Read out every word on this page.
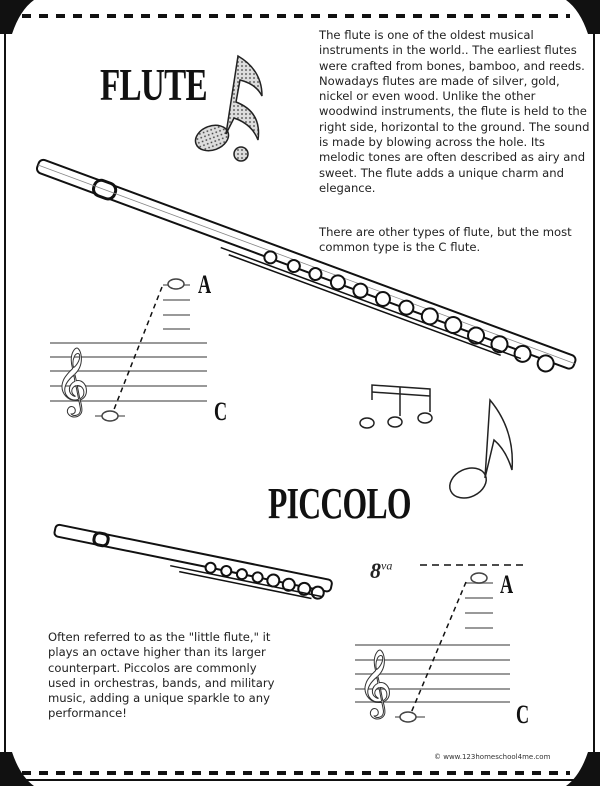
𝄞
𝄞
FLUTE
The flute is one of the oldest musical instruments in the world.. The earliest flutes were crafted from bones, bamboo, and reeds. Nowadays flutes are made of silver, gold, nickel or even wood. Unlike the other woodwind instruments, the flute is held to the right side, horizontal to the ground. The sound is made by blowing across the hole. Its melodic tones are often described as airy and sweet. The flute adds a unique charm and elegance.
There are other types of flute, but the most common type is the C flute.
A
C
PICCOLO
Often referred to as the "little flute," it plays an octave higher than its larger counterpart. Piccolos are commonly used in orchestras, bands, and military music, adding a unique sparkle to any performance!
$8^{va}$
A
C
© www.123homeschool4me.com
